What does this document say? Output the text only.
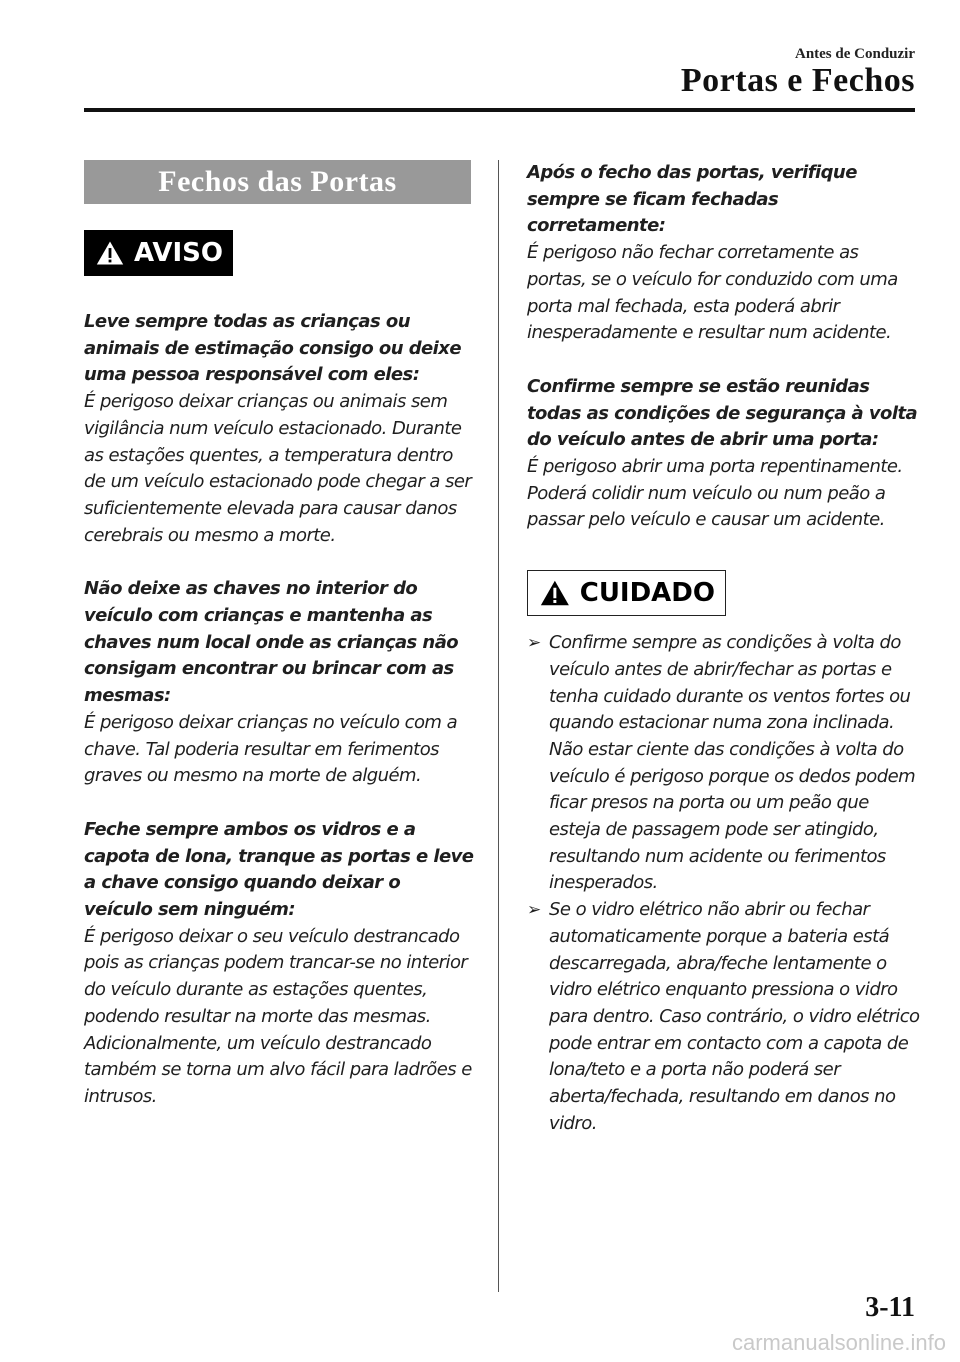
Antes de Conduzir
Portas e Fechos
Fechos das Portas
AVISO

Leve sempre todas as crianças ou animais de estimação consigo ou deixe uma pessoa responsável com eles:

É perigoso deixar crianças ou animais sem vigilância num veículo estacionado. Durante as estações quentes, a temperatura dentro de um veículo estacionado pode chegar a ser suficientemente elevada para causar danos cerebrais ou mesmo a morte.

Não deixe as chaves no interior do veículo com crianças e mantenha as chaves num local onde as crianças não consigam encontrar ou brincar com as mesmas:

É perigoso deixar crianças no veículo com a chave. Tal poderia resultar em ferimentos graves ou mesmo na morte de alguém.

Feche sempre ambos os vidros e a capota de lona, tranque as portas e leve a chave consigo quando deixar o veículo sem ninguém:

É perigoso deixar o seu veículo destrancado pois as crianças podem trancar-se no interior do veículo durante as estações quentes, podendo resultar na morte das mesmas. Adicionalmente, um veículo destrancado também se torna um alvo fácil para ladrões e intrusos.

Após o fecho das portas, verifique sempre se ficam fechadas corretamente:

É perigoso não fechar corretamente as portas, se o veículo for conduzido com uma porta mal fechada, esta poderá abrir inesperadamente e resultar num acidente.

Confirme sempre se estão reunidas todas as condições de segurança à volta do veículo antes de abrir uma porta:

É perigoso abrir uma porta repentinamente. Poderá colidir num veículo ou num peão a passar pelo veículo e causar um acidente.

CUIDADO
➢ Confirme sempre as condições à volta do veículo antes de abrir/fechar as portas e tenha cuidado durante os ventos fortes ou quando estacionar numa zona inclinada. Não estar ciente das condições à volta do veículo é perigoso porque os dedos podem ficar presos na porta ou um peão que esteja de passagem pode ser atingido, resultando num acidente ou ferimentos inesperados.

➢ Se o vidro elétrico não abrir ou fechar automaticamente porque a bateria está descarregada, abra/feche lentamente o vidro elétrico enquanto pressiona o vidro para dentro. Caso contrário, o vidro elétrico pode entrar em contacto com a capota de lona/teto e a porta não poderá ser aberta/fechada, resultando em danos no vidro.

3-11
carmanualsonline.info
